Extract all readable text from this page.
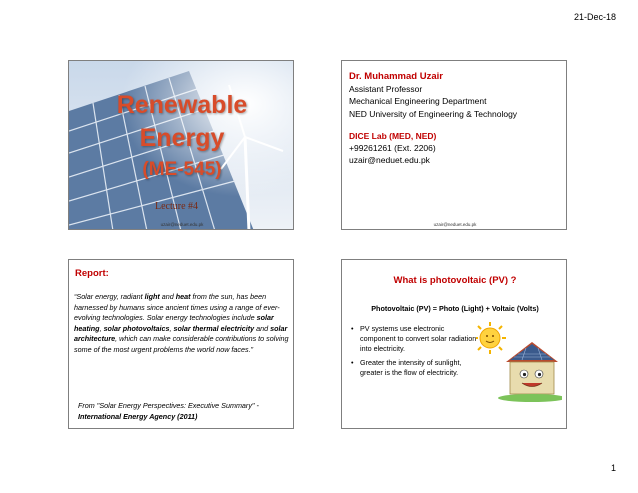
21-Dec-18
Renewable
Energy
(ME-545)
Lecture #4
uzair@neduet.edu.pk
Dr. Muhammad Uzair
Assistant Professor
Mechanical Engineering Department
NED University of Engineering & Technology
DICE Lab (MED, NED)
+99261261 (Ext. 2206)
uzair@neduet.edu.pk
uzair@neduet.edu.pk
Report:
“Solar energy, radiant light and heat from the sun, has been harnessed by humans since ancient times using a range of ever-evolving technologies. Solar energy technologies include solar heating, solar photovoltaics, solar thermal electricity and solar architecture, which can make considerable contributions to solving some of the most urgent problems the world now faces.”
From "Solar Energy Perspectives: Executive Summary" - International Energy Agency (2011)
What is photovoltaic (PV) ?
Photovoltaic (PV) = Photo (Light) + Voltaic (Volts)
• PV systems use electronic component to convert solar radiation into electricity.
• Greater the intensity of sunlight, greater is the flow of electricity.
1
